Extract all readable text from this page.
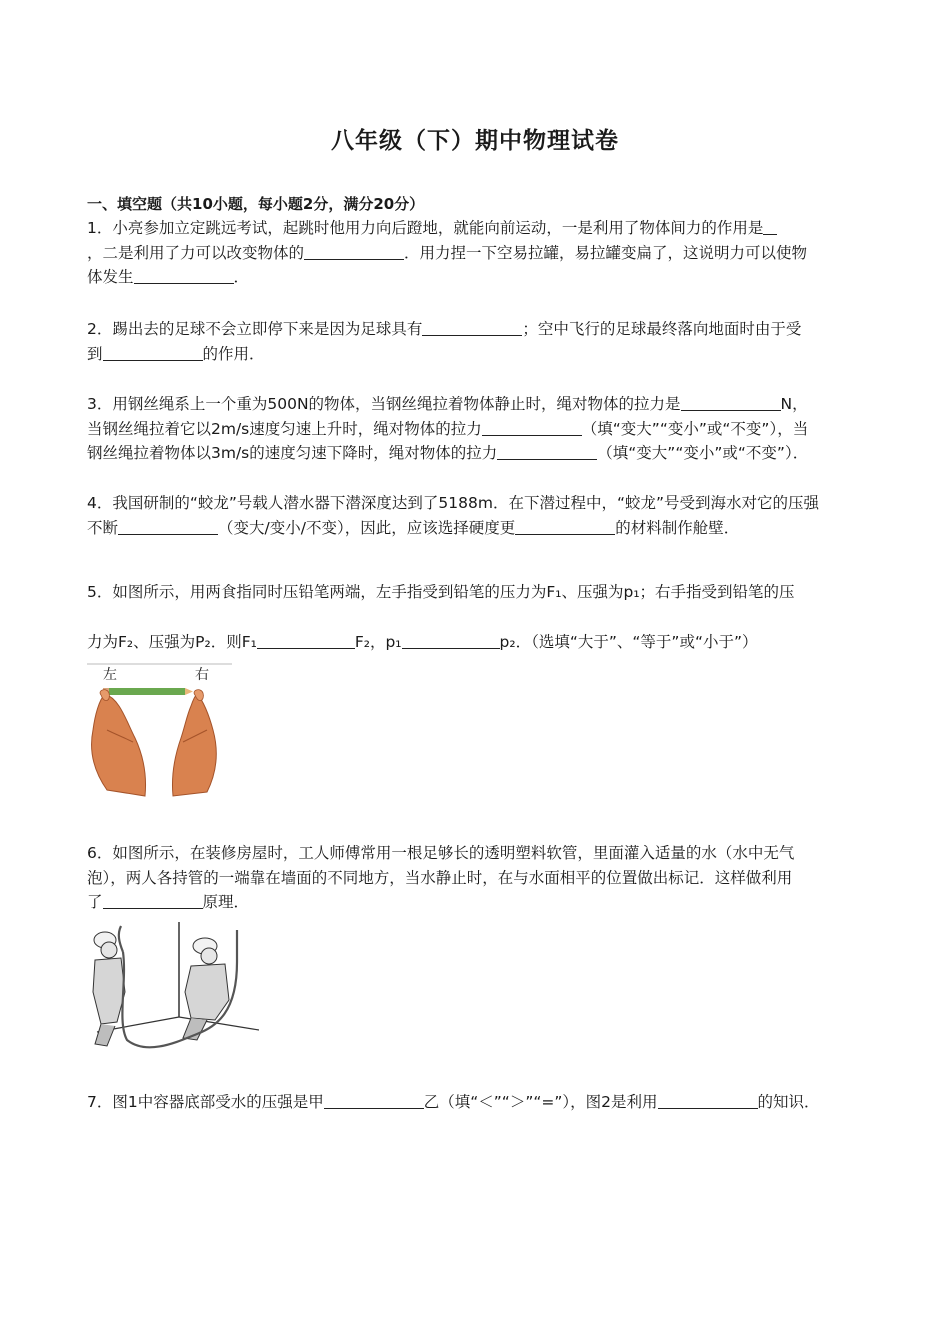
八年级（下）期中物理试卷
一、填空题（共10小题，每小题2分，满分20分）
1．小亮参加立定跳远考试，起跳时他用力向后蹬地，就能向前运动，一是利用了物体间力的作用是
，二是利用了力可以改变物体的	．用力捏一下空易拉罐，易拉罐变扁了，这说明力可以使物
体发生	．
2．踢出去的足球不会立即停下来是因为足球具有	；空中飞行的足球最终落向地面时由于受
到	的作用．
3．用钢丝绳系上一个重为500N的物体，当钢丝绳拉着物体静止时，绳对物体的拉力是	N，
当钢丝绳拉着它以2m/s速度匀速上升时，绳对物体的拉力	（填“变大”“变小”或“不变”），当
钢丝绳拉着物体以3m/s的速度匀速下降时，绳对物体的拉力	（填“变大”“变小”或“不变”）．
4．我国研制的“蛟龙”号载人潜水器下潜深度达到了5188m．在下潜过程中，“蛟龙”号受到海水对它的压强
不断	（变大/变小/不变），因此，应该选择硬度更	的材料制作舱壁．
5．如图所示，用两食指同时压铅笔两端，左手指受到铅笔的压力为F₁、压强为p₁；右手指受到铅笔的压
力为F₂、压强为P₂．则F₁	F₂，p₁	p₂．（选填“大于”、“等于”或“小于”）
左	右
6．如图所示，在装修房屋时，工人师傅常用一根足够长的透明塑料软管，里面灌入适量的水（水中无气
泡），两人各持管的一端靠在墙面的不同地方，当水静止时，在与水面相平的位置做出标记．这样做利用
了	原理．
7．图1中容器底部受水的压强是甲	乙（填“＜”“＞”“=”），图2是利用	的知识．
